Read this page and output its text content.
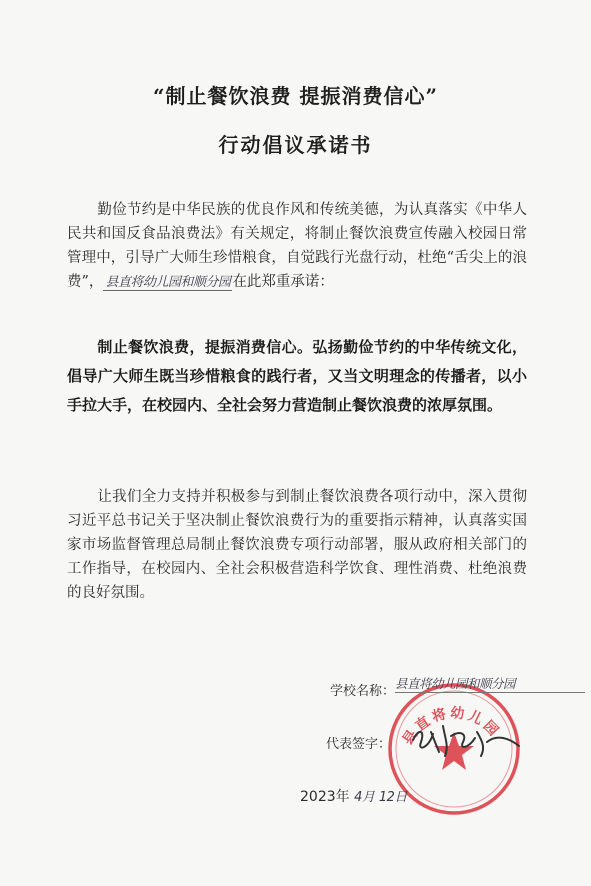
“制止餐饮浪费 提振消费信心”
行动倡议承诺书
勤俭节约是中华民族的优良作风和传统美德，为认真落实《中华人民共和国反食品浪费法》有关规定，将制止餐饮浪费宣传融入校园日常管理中，引导广大师生珍惜粮食，自觉践行光盘行动，杜绝“舌尖上的浪费”， 县直将幼儿园和顺分园 在此郑重承诺：
制止餐饮浪费，提振消费信心。弘扬勤俭节约的中华传统文化，倡导广大师生既当珍惜粮食的践行者，又当文明理念的传播者，以小手拉大手，在校园内、全社会努力营造制止餐饮浪费的浓厚氛围。
让我们全力支持并积极参与到制止餐饮浪费各项行动中，深入贯彻习近平总书记关于坚决制止餐饮浪费行为的重要指示精神，认真落实国家市场监督管理总局制止餐饮浪费专项行动部署，服从政府相关部门的工作指导，在校园内、全社会积极营造科学饮食、理性消费、杜绝浪费的良好氛围。
县直将幼儿园
学校名称：
县直将幼儿园和顺分园
代表签字：
2023年 4月 12日
